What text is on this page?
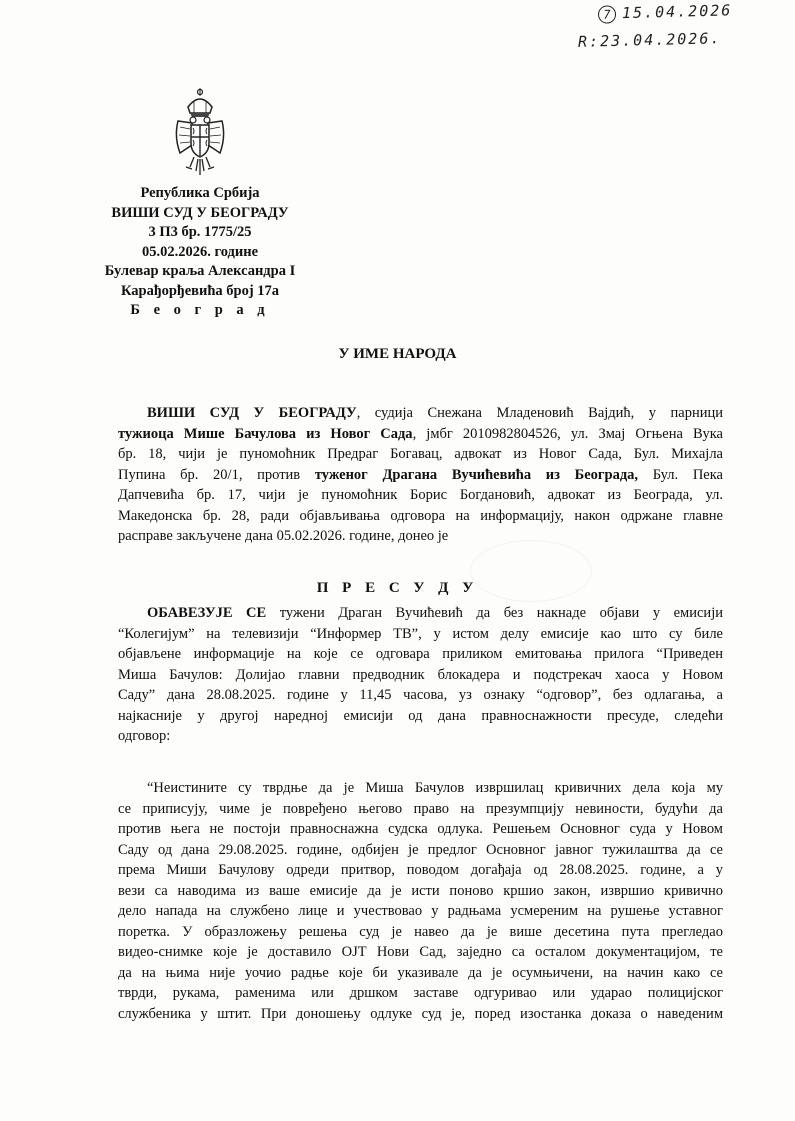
7 15.04.2026
R:23.04.2026.
Република Србија
ВИШИ СУД У БЕОГРАДУ
3 П3 бр. 1775/25
05.02.2026. године
Булевар краља Александра I
Карађорђевића број 17а
Б е о г р а д
У ИМЕ НАРОДА
ВИШИ СУД У БЕОГРАДУ, судија Снежана Младеновић Вајдић, у парници
тужиоца Мише Бачулова из Новог Сада, јмбг 2010982804526, ул. Змај Огњена Вука
бр. 18, чији је пуномоћник Предраг Богавац, адвокат из Новог Сада, Бул. Михајла
Пупина бр. 20/1, против туженог Драгана Вучићевића из Београда, Бул. Пека
Дапчевића бр. 17, чији је пуномоћник Борис Богдановић, адвокат из Београда, ул.
Македонска бр. 28, ради објављивања одговора на информацију, након одржане главне
расправе закључене дана 05.02.2026. године, донео је
П Р Е С У Д У
ОБАВЕЗУЈЕ СЕ тужени Драган Вучићевић да без накнаде објави у емисији
“Колегијум” на телевизији “Информер ТВ”, у истом делу емисије као што су биле
објављене информације на које се одговара приликом емитовања прилога “Приведен
Миша Бачулов: Долијао главни предводник блокадера и подстрекач хаоса у Новом
Саду” дана 28.08.2025. године у 11,45 часова, уз ознаку “одговор”, без одлагања, а
најкасније у другој наредној емисији од дана правноснажности пресуде, следећи
одговор:
“Неистините су тврдње да је Миша Бачулов извршилац кривичних дела која му
се приписују, чиме је повређено његово право на презумпцију невиности, будући да
против њега не постоји правноснажна судска одлука. Решењем Основног суда у Новом
Саду од дана 29.08.2025. године, одбијен је предлог Основног јавног тужилаштва да се
према Миши Бачулову одреди притвор, поводом догађаја од 28.08.2025. године, а у
вези са наводима из ваше емисије да је исти поново кршио закон, извршио кривично
дело напада на службено лице и учествовао у радњама усмереним на рушење уставног
поретка. У образложењу решења суд је навео да је више десетина пута прегледао
видео-снимке које је доставило ОЈТ Нови Сад, заједно са осталом документацијом, те
да на њима није уочио радње које би указивале да је осумњичени, на начин како се
тврди, рукама, раменима или дршком заставе одгуривао или ударао полицијског
службеника у штит. При доношењу одлуке суд је, поред изостанка доказа о наведеним
